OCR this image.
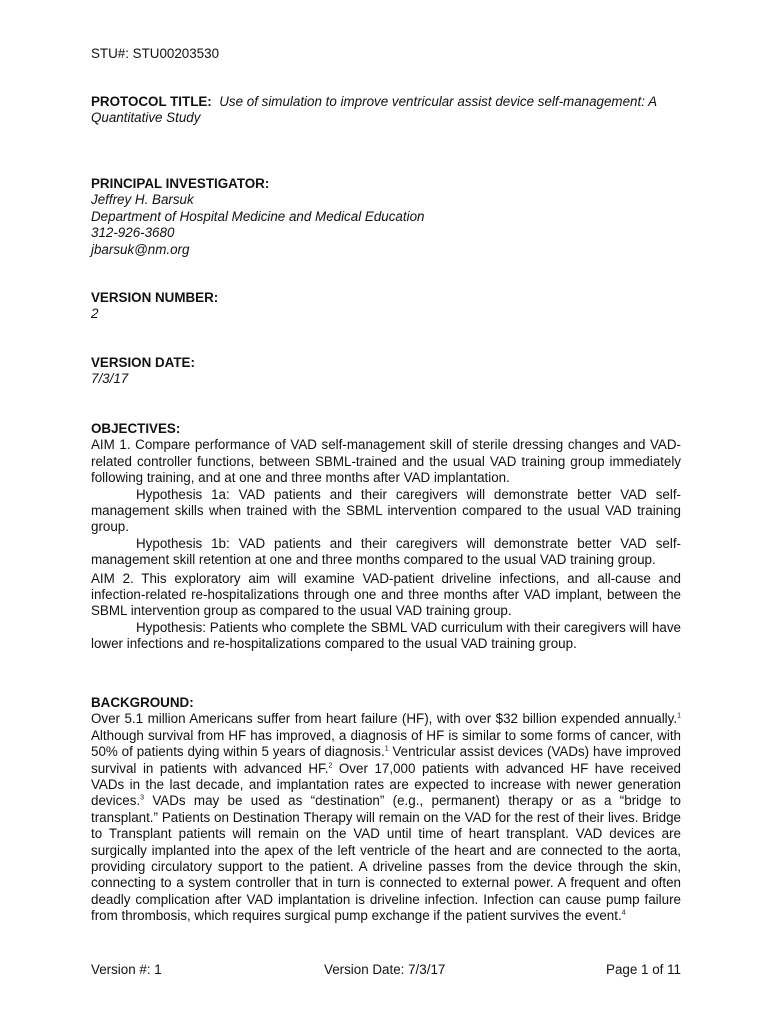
STU#: STU00203530
PROTOCOL TITLE: Use of simulation to improve ventricular assist device self-management: A Quantitative Study
PRINCIPAL INVESTIGATOR:
Jeffrey H. Barsuk
Department of Hospital Medicine and Medical Education
312-926-3680
jbarsuk@nm.org
VERSION NUMBER:
2
VERSION DATE:
7/3/17
OBJECTIVES:
AIM 1. Compare performance of VAD self-management skill of sterile dressing changes and VAD-related controller functions, between SBML-trained and the usual VAD training group immediately following training, and at one and three months after VAD implantation.
Hypothesis 1a: VAD patients and their caregivers will demonstrate better VAD self-management skills when trained with the SBML intervention compared to the usual VAD training group.
Hypothesis 1b: VAD patients and their caregivers will demonstrate better VAD self-management skill retention at one and three months compared to the usual VAD training group.
AIM 2. This exploratory aim will examine VAD-patient driveline infections, and all-cause and infection-related re-hospitalizations through one and three months after VAD implant, between the SBML intervention group as compared to the usual VAD training group.
Hypothesis: Patients who complete the SBML VAD curriculum with their caregivers will have lower infections and re-hospitalizations compared to the usual VAD training group.
BACKGROUND:
Over 5.1 million Americans suffer from heart failure (HF), with over $32 billion expended annually.$^1$ Although survival from HF has improved, a diagnosis of HF is similar to some forms of cancer, with 50% of patients dying within 5 years of diagnosis.$^1$ Ventricular assist devices (VADs) have improved survival in patients with advanced HF.$^2$ Over 17,000 patients with advanced HF have received VADs in the last decade, and implantation rates are expected to increase with newer generation devices.$^3$ VADs may be used as “destination” (e.g., permanent) therapy or as a “bridge to transplant.” Patients on Destination Therapy will remain on the VAD for the rest of their lives. Bridge to Transplant patients will remain on the VAD until time of heart transplant. VAD devices are surgically implanted into the apex of the left ventricle of the heart and are connected to the aorta, providing circulatory support to the patient. A driveline passes from the device through the skin, connecting to a system controller that in turn is connected to external power. A frequent and often deadly complication after VAD implantation is driveline infection. Infection can cause pump failure from thrombosis, which requires surgical pump exchange if the patient survives the event.$^4$
Version #: 1	Version Date: 7/3/17	Page 1 of 11
